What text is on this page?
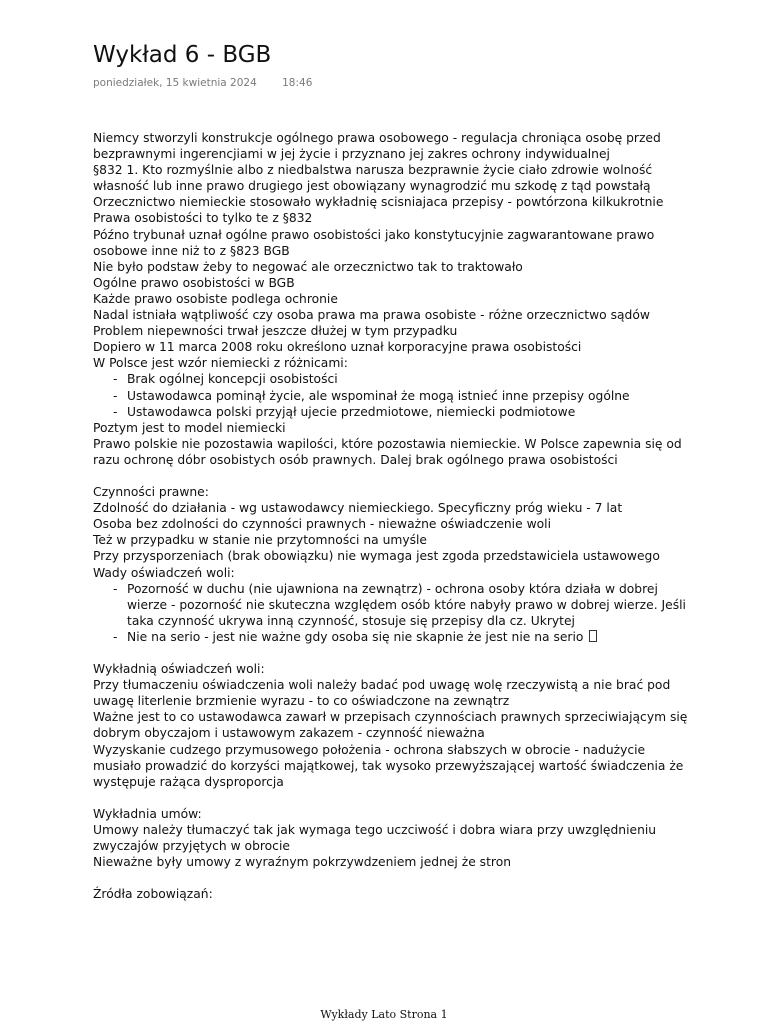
Wykład 6 - BGB
poniedziałek, 15 kwietnia 2024 18:46
Niemcy stworzyli konstrukcje ogólnego prawa osobowego - regulacja chroniąca osobę przed bezprawnymi ingerencjiami w jej życie i przyznano jej zakres ochrony indywidualnej
§832 1. Kto rozmyślnie albo z niedbalstwa narusza bezprawnie życie ciało zdrowie wolność własność lub inne prawo drugiego jest obowiązany wynagrodzić mu szkodę z tąd powstałą
Orzecznictwo niemieckie stosowało wykładnię scisniajaca przepisy - powtórzona kilkukrotnie
Prawa osobistości to tylko te z §832
Późno trybunał uznał ogólne prawo osobistości jako konstytucyjnie zagwarantowane prawo osobowe inne niż to z §823 BGB
Nie było podstaw żeby to negować ale orzecznictwo tak to traktowało
Ogólne prawo osobistości w BGB
Każde prawo osobiste podlega ochronie
Nadal istniała wątpliwość czy osoba prawa ma prawa osobiste - różne orzecznictwo sądów
Problem niepewności trwał jeszcze dłużej w tym przypadku
Dopiero w 11 marca 2008 roku określono uznał korporacyjne prawa osobistości
W Polsce jest wzór niemiecki z różnicami:
- Brak ogólnej koncepcji osobistości
- Ustawodawca pominął życie, ale wspominał że mogą istnieć inne przepisy ogólne
- Ustawodawca polski przyjął ujecie przedmiotowe, niemiecki podmiotowe
Poztym jest to model niemiecki
Prawo polskie nie pozostawia wapilości, które pozostawia niemieckie. W Polsce zapewnia się od razu ochronę dóbr osobistych osób prawnych. Dalej brak ogólnego prawa osobistości
Czynności prawne:
Zdolność do działania - wg ustawodawcy niemieckiego. Specyficzny próg wieku - 7 lat
Osoba bez zdolności do czynności prawnych - nieważne oświadczenie woli
Też w przypadku w stanie nie przytomności na umyśle
Przy przysporzeniach (brak obowiązku) nie wymaga jest zgoda przedstawiciela ustawowego
Wady oświadczeń woli:
- Pozorność w duchu (nie ujawniona na zewnątrz) - ochrona osoby która działa w dobrej wierze - pozorność nie skuteczna względem osób które nabyły prawo w dobrej wierze. Jeśli taka czynność ukrywa inną czynność, stosuje się przepisy dla cz. Ukrytej
- Nie na serio - jest nie ważne gdy osoba się nie skapnie że jest nie na serio
Wykładnią oświadczeń woli:
Przy tłumaczeniu oświadczenia woli należy badać pod uwagę wolę rzeczywistą a nie brać pod uwagę literlenie brzmienie wyrazu - to co oświadczone na zewnątrz
Ważne jest to co ustawodawca zawarł w przepisach czynnościach prawnych sprzeciwiającym się dobrym obyczajom i ustawowym zakazem - czynność nieważna
Wyzyskanie cudzego przymusowego położenia - ochrona słabszych w obrocie - nadużycie musiało prowadzić do korzyści majątkowej, tak wysoko przewyższającej wartość świadczenia że występuje rażąca dysproporcja
Wykładnia umów:
Umowy należy tłumaczyć tak jak wymaga tego uczciwość i dobra wiara przy uwzględnieniu zwyczajów przyjętych w obrocie
Nieważne były umowy z wyraźnym pokrzywdzeniem jednej że stron
Źródła zobowiązań:
Wykłady Lato Strona 1
